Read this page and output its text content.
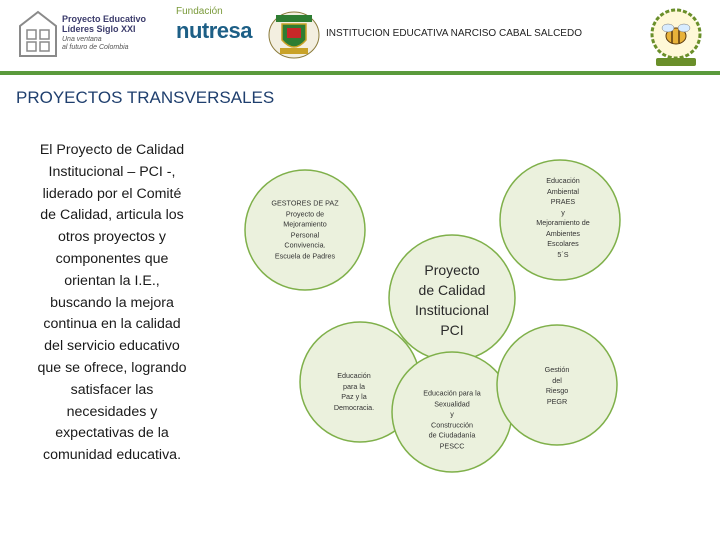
Proyecto Educativo
Líderes Siglo XXI
Una ventana
al futuro de Colombia
Fundación
nutresa	INSTITUCION EDUCATIVA NARCISO CABAL SALCEDO
PROYECTOS TRANSVERSALES
El Proyecto de Calidad
Institucional – PCI -,
liderado por el Comité
de Calidad, articula los
otros proyectos y
componentes que
orientan la I.E.,
buscando la mejora
continua en la calidad
del servicio educativo
que se ofrece, logrando
satisfacer las
necesidades y
expectativas de la
comunidad educativa.
GESTORES DE PAZ
Proyecto de
Mejoramiento
Personal
Convivencia.
Escuela de Padres
Educación
Ambiental
PRAES
y
Mejoramiento de
Ambientes
Escolares
5´S
Proyecto
de Calidad
Institucional
PCI
Educación
para la
Paz y la
Democracia.
Educación para la
Sexualidad
y
Construcción
de Ciudadanía
PESCC
Gestión
del
Riesgo
PEGR
